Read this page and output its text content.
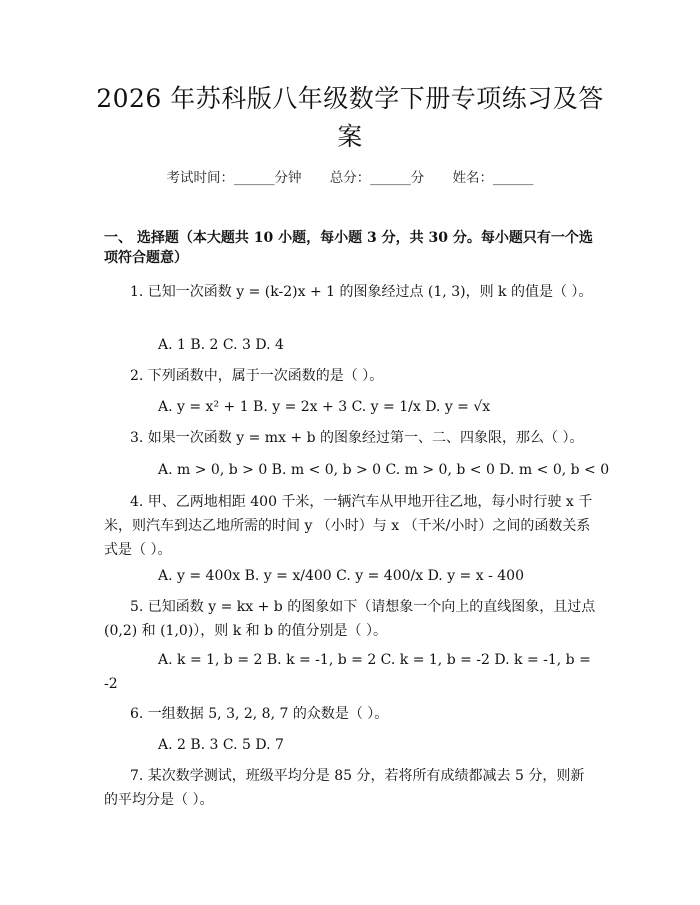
2026 年苏科版八年级数学下册专项练习及答案
考试时间：______分钟 总分：______分 姓名：______
一、 选择题（本大题共 10 小题，每小题 3 分，共 30 分。每小题只有一个选项符合题意）
1. 已知一次函数 y = (k-2)x + 1 的图象经过点 (1, 3)，则 k 的值是（ ）。
A. 1 B. 2 C. 3 D. 4
2. 下列函数中，属于一次函数的是（ ）。
A. y = x² + 1 B. y = 2x + 3 C. y = 1/x D. y = √x
3. 如果一次函数 y = mx + b 的图象经过第一、二、四象限，那么（ ）。
A. m > 0, b > 0 B. m < 0, b > 0 C. m > 0, b < 0 D. m < 0, b < 0
4. 甲、乙两地相距 400 千米，一辆汽车从甲地开往乙地，每小时行驶 x 千米，则汽车到达乙地所需的时间 y （小时）与 x （千米/小时）之间的函数关系式是（ ）。
A. y = 400x B. y = x/400 C. y = 400/x D. y = x - 400
5. 已知函数 y = kx + b 的图象如下（请想象一个向上的直线图象，且过点(0,2) 和 (1,0)），则 k 和 b 的值分别是（ ）。
A. k = 1, b = 2 B. k = -1, b = 2 C. k = 1, b = -2 D. k = -1, b = -2
6. 一组数据 5, 3, 2, 8, 7 的众数是（ ）。
A. 2 B. 3 C. 5 D. 7
7. 某次数学测试，班级平均分是 85 分，若将所有成绩都减去 5 分，则新的平均分是（ ）。
